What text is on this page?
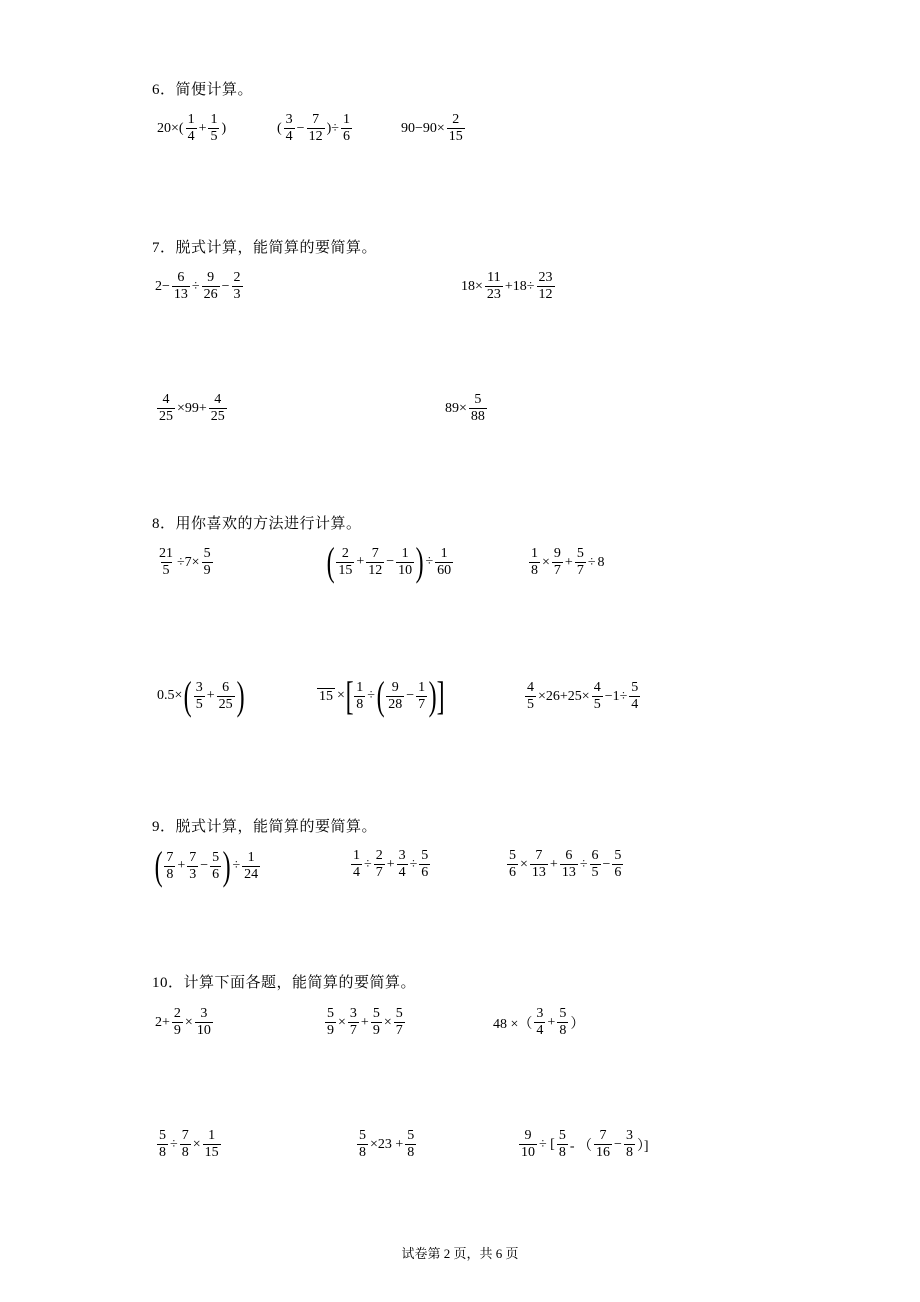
6．简便计算。
7．脱式计算，能简算的要简算。
8．用你喜欢的方法进行计算。
9．脱式计算，能简算的要简算。
10．计算下面各题，能简算的要简算。
20×(
1
4
+ $\frac{1}{5}$ )	(
3
4
− $\frac{7}{12}$ )÷ $\frac{1}{6}$	$90-90\times \frac{2}{15}$
$2- \frac{6}{13} \div \frac{9}{26} - \frac{2}{3}$	$18\times \frac{11}{23} +18\div \frac{23}{12}$
$\frac{4}{25} \times 99+ \frac{4}{25}$	$89\times \frac{5}{88}$
$\frac{21}{5} \div 7\times \frac{5}{9}$	( 2
15
+ $\frac{7}{12} - \frac{1}{10}$ ) ÷ $\frac{1}{60}$	$\frac{1}{8} \times \frac{9}{7} + \frac{5}{7} \div 8$
0.5× ( 3
5
+ $\frac{6}{25}$ )	15 × [ $\frac{1}{8}$ ÷ ( 9
28
− $\frac{1}{7}$ ) ]	$\frac{4}{5} \times 26+25\times \frac{4}{5} -1\div \frac{5}{4}$
( 7
8
+ $\frac{7}{3} - \frac{5}{6}$ ) ÷ $\frac{1}{24}$	$\frac{1}{4} \div \frac{2}{7} + \frac{3}{4} \div \frac{5}{6}$	$\frac{5}{6} \times \frac{7}{13} + \frac{6}{13} \div \frac{6}{5} - \frac{5}{6}$
$2+ \frac{2}{9} \times \frac{3}{10}$	$\frac{5}{9} \times \frac{3}{7} + \frac{5}{9} \times \frac{5}{7}$	48 ×（
3
4
+ $\frac{5}{8}$ ）
$\frac{5}{8} \div \frac{7}{8} \times \frac{1}{15}$	$\frac{5}{8} \times 23 + \frac{5}{8}$	$\frac{9}{10}$ ÷ [
5
8 - （
7
16
− $\frac{3}{8}$ ）]
试卷第 2 页，共 6 页
